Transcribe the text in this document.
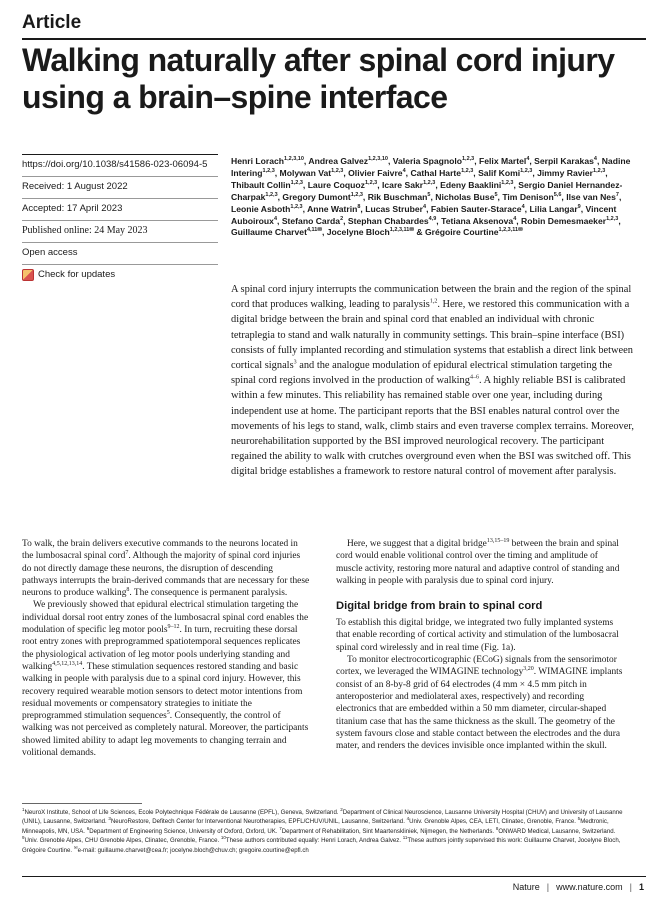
Article
Walking naturally after spinal cord injury using a brain–spine interface
https://doi.org/10.1038/s41586-023-06094-5
Received: 1 August 2022
Accepted: 17 April 2023
Published online: 24 May 2023
Open access
Check for updates
Henri Lorach$^{1,2,3,10}$, Andrea Galvez$^{1,2,3,10}$, Valeria Spagnolo$^{1,2,3}$, Felix Martel$^4$, Serpil Karakas$^4$, Nadine Intering$^{1,2,3}$, Molywan Vat$^{1,2,3}$, Olivier Faivre$^4$, Cathal Harte$^{1,2,3}$, Salif Komi$^{1,2,3}$, Jimmy Ravier$^{1,2,3}$, Thibault Collin$^{1,2,3}$, Laure Coquoz$^{1,2,3}$, Icare Sakr$^{1,2,3}$, Edeny Baaklini$^{1,2,3}$, Sergio Daniel Hernandez-Charpak$^{1,2,3}$, Gregory Dumont$^{1,2,3}$, Rik Buschman$^5$, Nicholas Buse$^5$, Tim Denison$^{5,6}$, Ilse van Nes$^7$, Leonie Asboth$^{1,2,3}$, Anne Watrin$^8$, Lucas Struber$^4$, Fabien Sauter-Starace$^4$, Lilia Langar$^9$, Vincent Auboiroux$^4$, Stefano Carda$^2$, Stephan Chabardes$^{4,9}$, Tetiana Aksenova$^4$, Robin Demesmaeker$^{1,2,3}$, Guillaume Charvet$^{4,11✉}$, Jocelyne Bloch$^{1,2,3,11✉}$ & Grégoire Courtine$^{1,2,3,11✉}$
A spinal cord injury interrupts the communication between the brain and the region of the spinal cord that produces walking, leading to paralysis$^{1,2}$. Here, we restored this communication with a digital bridge between the brain and spinal cord that enabled an individual with chronic tetraplegia to stand and walk naturally in community settings. This brain–spine interface (BSI) consists of fully implanted recording and stimulation systems that establish a direct link between cortical signals$^3$ and the analogue modulation of epidural electrical stimulation targeting the spinal cord regions involved in the production of walking$^{4-6}$. A highly reliable BSI is calibrated within a few minutes. This reliability has remained stable over one year, including during independent use at home. The participant reports that the BSI enables natural control over the movements of his legs to stand, walk, climb stairs and even traverse complex terrains. Moreover, neurorehabilitation supported by the BSI improved neurological recovery. The participant regained the ability to walk with crutches overground even when the BSI was switched off. This digital bridge establishes a framework to restore natural control of movement after paralysis.

To walk, the brain delivers executive commands to the neurons located in the lumbosacral spinal cord$^7$. Although the majority of spinal cord injuries do not directly damage these neurons, the disruption of descending pathways interrupts the brain-derived commands that are necessary for these neurons to produce walking$^8$. The consequence is permanent paralysis.

We previously showed that epidural electrical stimulation targeting the individual dorsal root entry zones of the lumbosacral spinal cord enables the modulation of specific leg motor pools$^{9-12}$. In turn, recruiting these dorsal root entry zones with preprogrammed spatiotemporal sequences replicates the physiological activation of leg motor pools underlying standing and walking$^{4,5,12,13,14}$. These stimulation sequences restored standing and basic walking in people with paralysis due to a spinal cord injury. However, this recovery required wearable motion sensors to detect motor intentions from residual movements or compensatory strategies to initiate the preprogrammed stimulation sequences$^5$. Consequently, the control of walking was not perceived as completely natural. Moreover, the participants showed limited ability to adapt leg movements to changing terrain and volitional demands.

Here, we suggest that a digital bridge$^{13,15-19}$ between the brain and spinal cord would enable volitional control over the timing and amplitude of muscle activity, restoring more natural and adaptive control of standing and walking in people with paralysis due to spinal cord injury.

Digital bridge from brain to spinal cord

To establish this digital bridge, we integrated two fully implanted systems that enable recording of cortical activity and stimulation of the lumbosacral spinal cord wirelessly and in real time (Fig. 1a).

To monitor electrocorticographic (ECoG) signals from the sensorimotor cortex, we leveraged the WIMAGINE technology$^{3,20}$. WIMAGINE implants consist of an 8-by-8 grid of 64 electrodes (4 mm × 4.5 mm pitch in anteroposterior and mediolateral axes, respectively) and recording electronics that are embedded within a 50 mm diameter, circular-shaped titanium case that has the same thickness as the skull. The geometry of the system favours close and stable contact between the electrodes and the dura mater, and renders the devices invisible once implanted within the skull.

$^1$NeuroX Institute, School of Life Sciences, Ecole Polytechnique Fédérale de Lausanne (EPFL), Geneva, Switzerland. $^2$Department of Clinical Neuroscience, Lausanne University Hospital (CHUV) and University of Lausanne (UNIL), Lausanne, Switzerland. $^3$NeuroRestore, Defitech Center for Interventional Neurotherapies, EPFL/CHUV/UNIL, Lausanne, Switzerland. $^4$Univ. Grenoble Alpes, CEA, LETI, Clinatec, Grenoble, France. $^5$Medtronic, Minneapolis, MN, USA. $^6$Department of Engineering Science, University of Oxford, Oxford, UK. $^7$Department of Rehabilitation, Sint Maartenskliniek, Nijmegen, the Netherlands. $^8$ONWARD Medical, Lausanne, Switzerland. $^9$Univ. Grenoble Alpes, CHU Grenoble Alpes, Clinatec, Grenoble, France. $^{10}$These authors contributed equally: Henri Lorach, Andrea Galvez. $^{11}$These authors jointly supervised this work: Guillaume Charvet, Jocelyne Bloch, Grégoire Courtine. ✉e-mail: guillaume.charvet@cea.fr; jocelyne.bloch@chuv.ch; gregoire.courtine@epfl.ch
Nature | www.nature.com | 1
